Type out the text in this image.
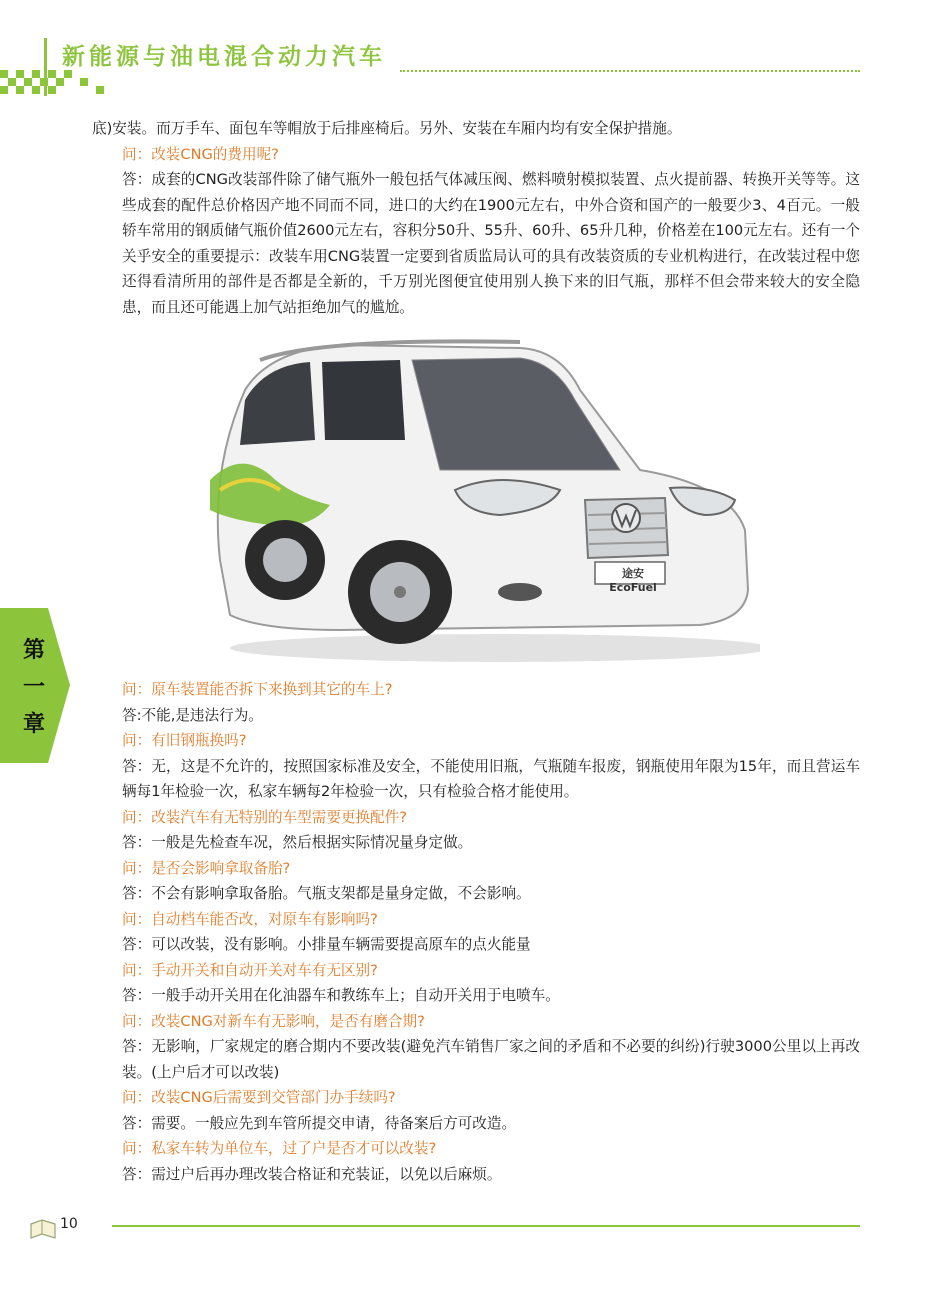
新能源与油电混合动力汽车

底)安装。而万手车、面包车等帽放于后排座椅后。另外、安装在车厢内均有安全保护措施。

问：改装CNG的费用呢?

答：成套的CNG改装部件除了储气瓶外一般包括气体减压阀、燃料喷射模拟装置、点火提前器、转换开关等等。这些成套的配件总价格因产地不同而不同，进口的大约在1900元左右，中外合资和国产的一般要少3、4百元。一般轿车常用的钢质储气瓶价值2600元左右，容积分50升、55升、60升、65升几种，价格差在100元左右。还有一个关乎安全的重要提示：改装车用CNG装置一定要到省质监局认可的具有改装资质的专业机构进行，在改装过程中您还得看清所用的部件是否都是全新的，千万别光图便宜使用别人换下来的旧气瓶，那样不但会带来较大的安全隐患，而且还可能遇上加气站拒绝加气的尴尬。

途安 EcoFuel
第
一
章

问：原车装置能否拆下来换到其它的车上?

答:不能,是违法行为。

问：有旧钢瓶换吗?

答：无，这是不允许的，按照国家标准及安全，不能使用旧瓶，气瓶随车报废，钢瓶使用年限为15年，而且营运车辆每1年检验一次，私家车辆每2年检验一次，只有检验合格才能使用。

问：改装汽车有无特别的车型需要更换配件?

答：一般是先检查车况，然后根据实际情况量身定做。

问：是否会影响拿取备胎?

答：不会有影响拿取备胎。气瓶支架都是量身定做，不会影响。

问：自动档车能否改，对原车有影响吗?

答：可以改装，没有影响。小排量车辆需要提高原车的点火能量

问：手动开关和自动开关对车有无区别?

答：一般手动开关用在化油器车和教练车上；自动开关用于电喷车。

问：改装CNG对新车有无影响，是否有磨合期?

答：无影响，厂家规定的磨合期内不要改装(避免汽车销售厂家之间的矛盾和不必要的纠纷)行驶3000公里以上再改装。(上户后才可以改装)

问：改装CNG后需要到交管部门办手续吗?

答：需要。一般应先到车管所提交申请，待备案后方可改造。

问：私家车转为单位车，过了户是否才可以改装?

答：需过户后再办理改装合格证和充装证，以免以后麻烦。

10
